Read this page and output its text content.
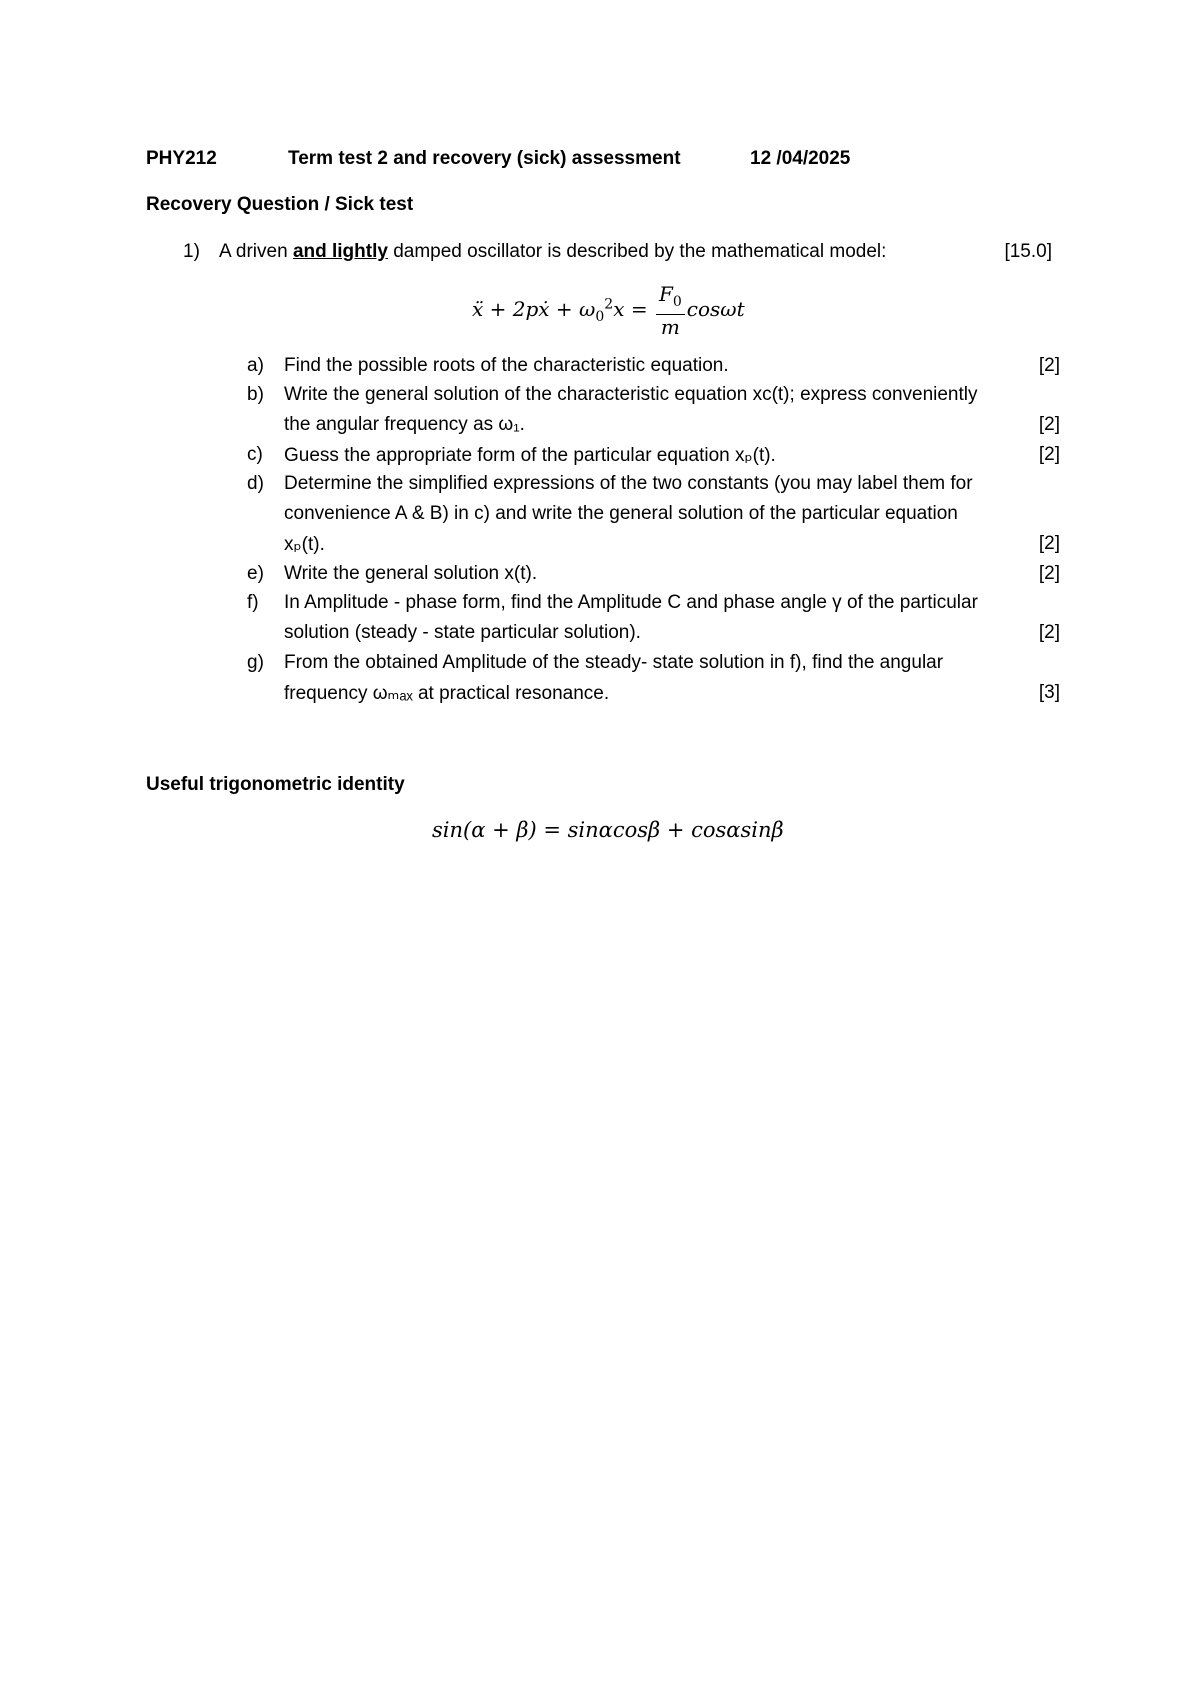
PHY212	Term test 2 and recovery (sick) assessment	12 /04/2025
Recovery Question / Sick test
1) A driven and lightly damped oscillator is described by the mathematical model:	[15.0]
ẍ + 2pẋ + $\omega_0^2x = \frac{F_0}{m}$ cosωt
a) Find the possible roots of the characteristic equation.	[2]
b) Write the general solution of the characteristic equation xᴄ(t); express conveniently
the angular frequency as ω₁.	[2]
c) Guess the appropriate form of the particular equation xₚ(t).	[2]
d) Determine the simplified expressions of the two constants (you may label them for
convenience A & B) in c) and write the general solution of the particular equation
xₚ(t).	[2]
e) Write the general solution x(t).	[2]
f) In Amplitude - phase form, find the Amplitude C and phase angle γ of the particular
solution (steady - state particular solution).	[2]
g) From the obtained Amplitude of the steady- state solution in f), find the angular
frequency ωₘₐₓ at practical resonance.	[3]
Useful trigonometric identity
sin(α + β) = sinαcosβ + cosαsinβ
